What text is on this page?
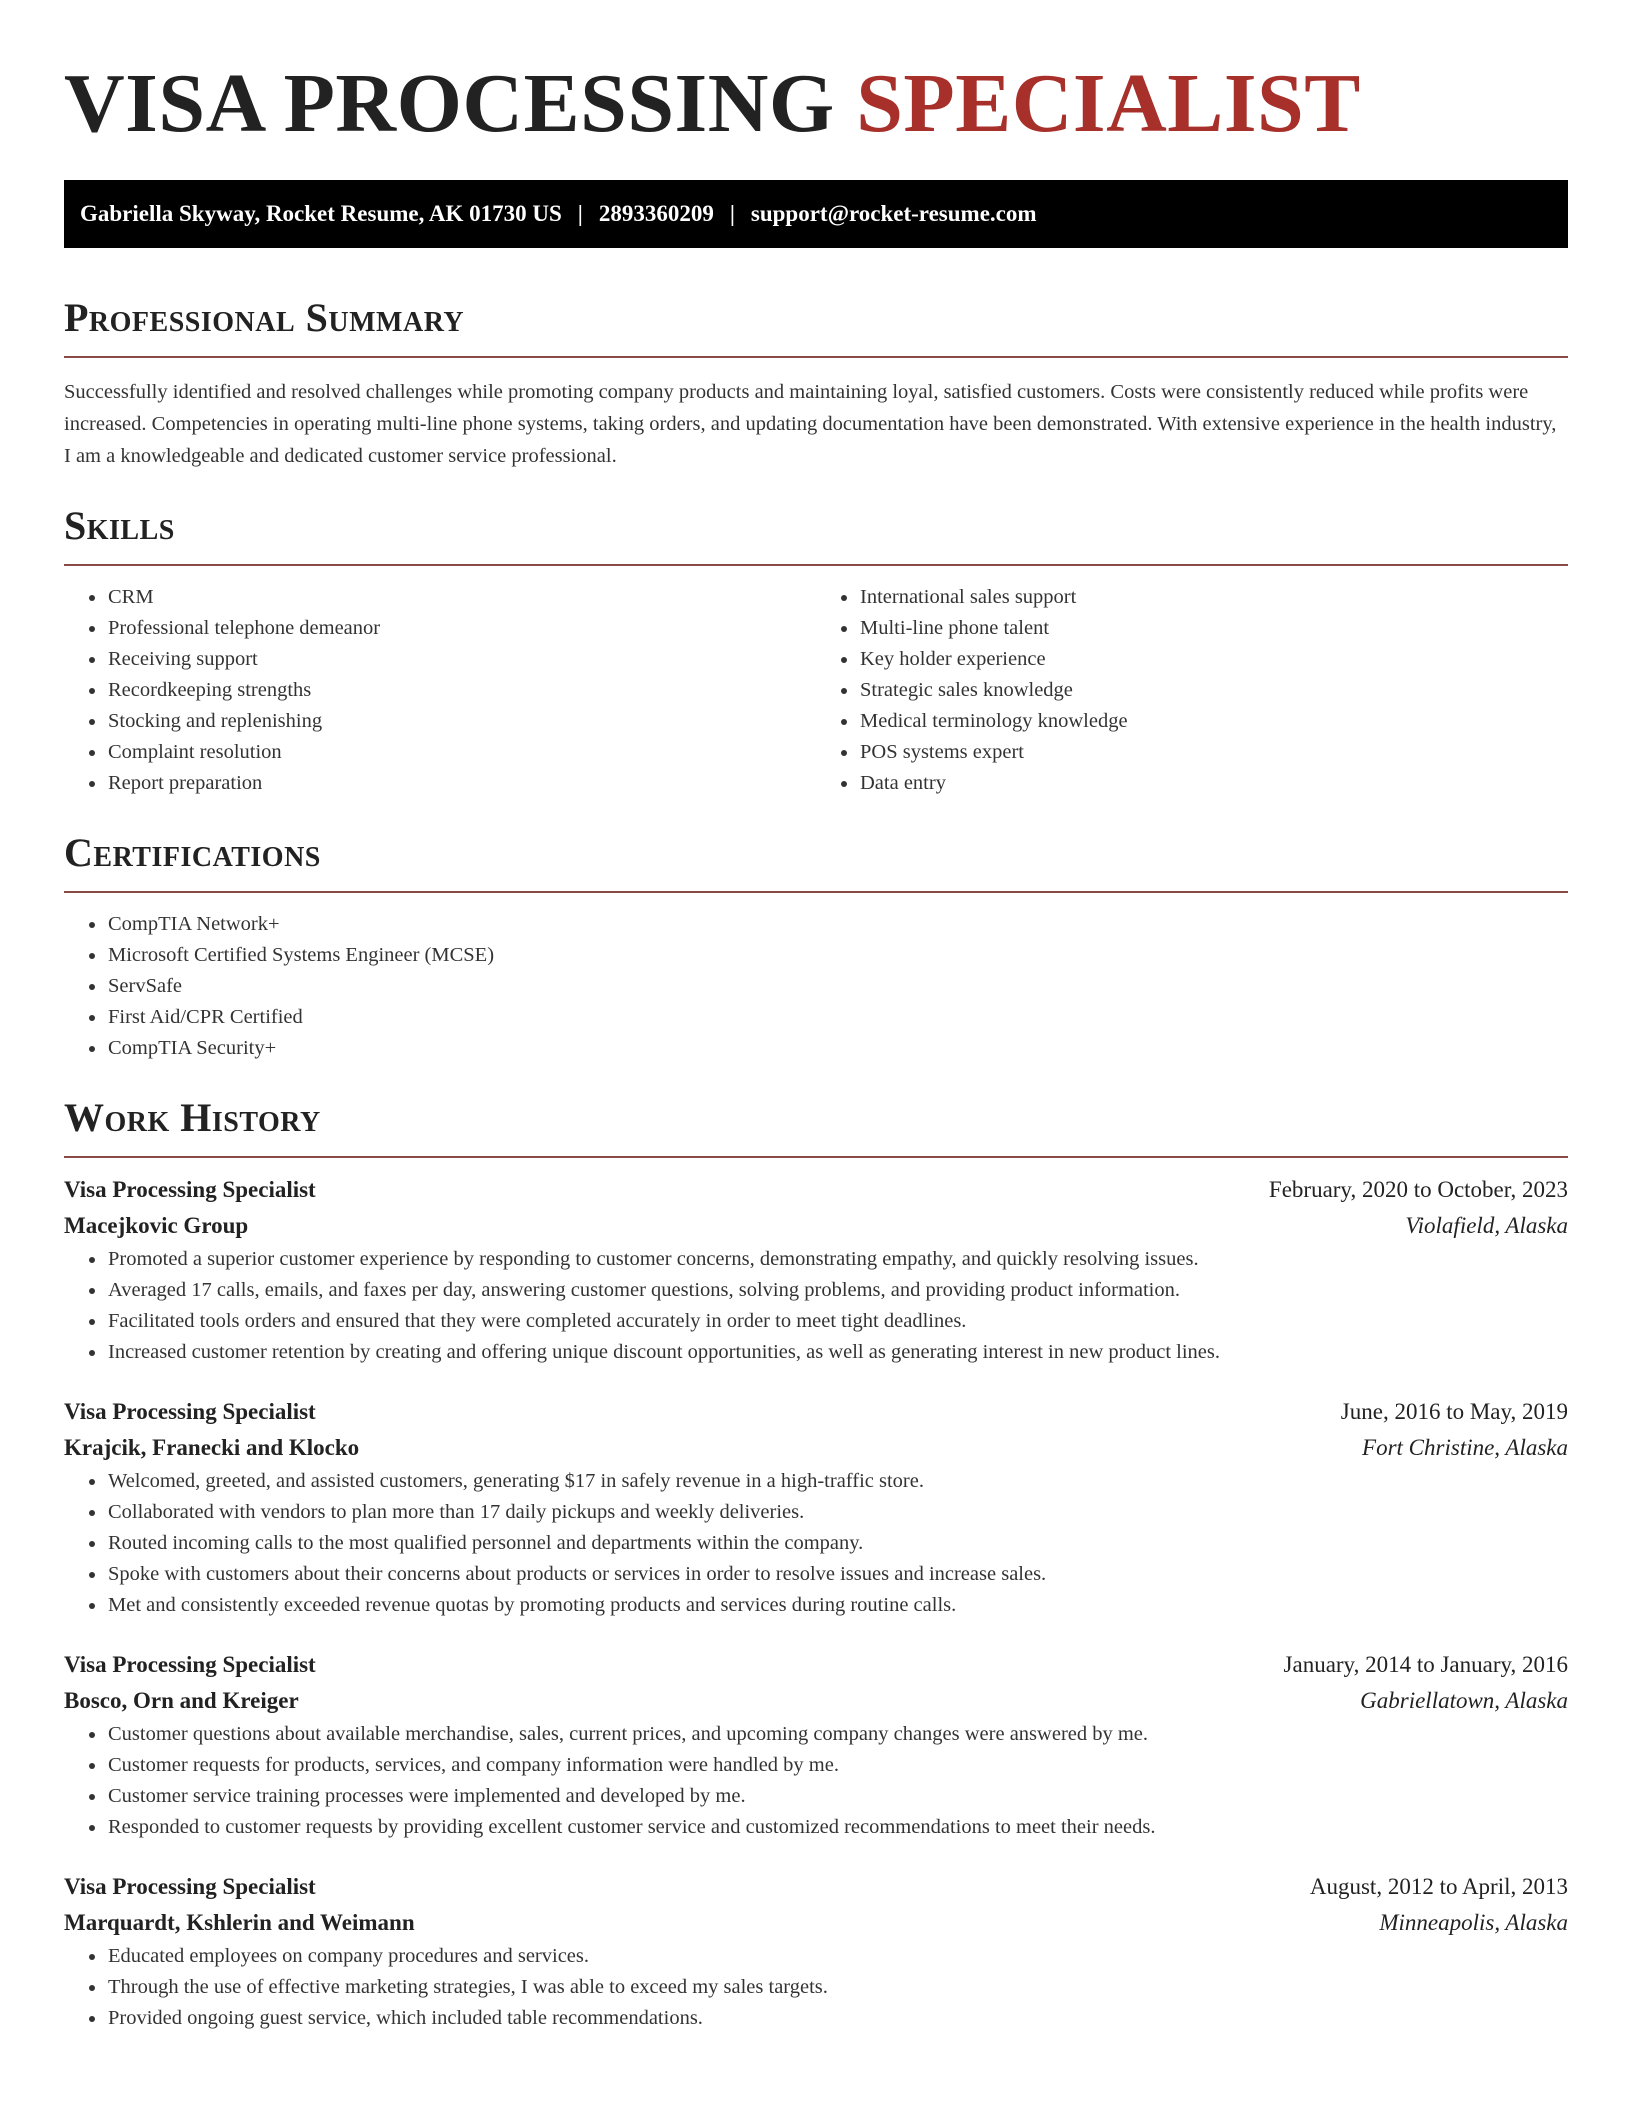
VISA PROCESSING SPECIALIST
Gabriella Skyway, Rocket Resume, AK 01730 US | 2893360209 | support@rocket-resume.com
Professional Summary

Successfully identified and resolved challenges while promoting company products and maintaining loyal, satisfied customers. Costs were consistently reduced while profits were increased. Competencies in operating multi-line phone systems, taking orders, and updating documentation have been demonstrated. With extensive experience in the health industry, I am a knowledgeable and dedicated customer service professional.

Skills
• CRM
• Professional telephone demeanor
• Receiving support
• Recordkeeping strengths
• Stocking and replenishing
• Complaint resolution
• Report preparation
• International sales support
• Multi-line phone talent
• Key holder experience
• Strategic sales knowledge
• Medical terminology knowledge
• POS systems expert
• Data entry
Certifications
• CompTIA Network+
• Microsoft Certified Systems Engineer (MCSE)
• ServSafe
• First Aid/CPR Certified
• CompTIA Security+
Work History
Visa Processing Specialist	February, 2020 to October, 2023
Macejkovic Group	Violafield, Alaska
• Promoted a superior customer experience by responding to customer concerns, demonstrating empathy, and quickly resolving issues.
• Averaged 17 calls, emails, and faxes per day, answering customer questions, solving problems, and providing product information.
• Facilitated tools orders and ensured that they were completed accurately in order to meet tight deadlines.
• Increased customer retention by creating and offering unique discount opportunities, as well as generating interest in new product lines.
Visa Processing Specialist	June, 2016 to May, 2019
Krajcik, Franecki and Klocko	Fort Christine, Alaska
• Welcomed, greeted, and assisted customers, generating $17 in safely revenue in a high-traffic store.
• Collaborated with vendors to plan more than 17 daily pickups and weekly deliveries.
• Routed incoming calls to the most qualified personnel and departments within the company.
• Spoke with customers about their concerns about products or services in order to resolve issues and increase sales.
• Met and consistently exceeded revenue quotas by promoting products and services during routine calls.
Visa Processing Specialist	January, 2014 to January, 2016
Bosco, Orn and Kreiger	Gabriellatown, Alaska
• Customer questions about available merchandise, sales, current prices, and upcoming company changes were answered by me.
• Customer requests for products, services, and company information were handled by me.
• Customer service training processes were implemented and developed by me.
• Responded to customer requests by providing excellent customer service and customized recommendations to meet their needs.
Visa Processing Specialist	August, 2012 to April, 2013
Marquardt, Kshlerin and Weimann	Minneapolis, Alaska
• Educated employees on company procedures and services.
• Through the use of effective marketing strategies, I was able to exceed my sales targets.
• Provided ongoing guest service, which included table recommendations.
